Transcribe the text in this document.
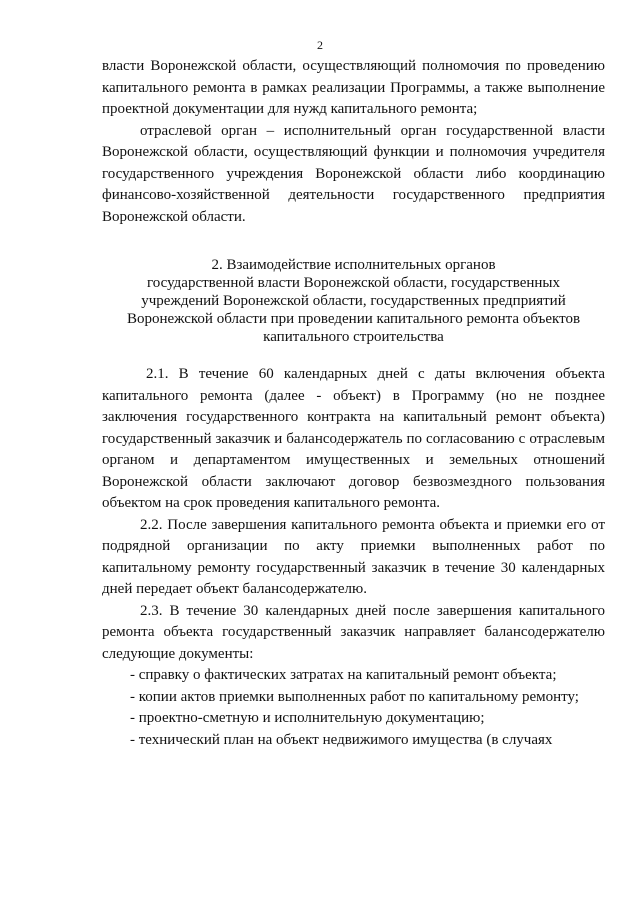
2

власти Воронежской области, осуществляющий полномочия по проведению капитального ремонта в рамках реализации Программы, а также выполнение проектной документации для нужд капитального ремонта;

отраслевой орган – исполнительный орган государственной власти Воронежской области, осуществляющий функции и полномочия учредителя государственного учреждения Воронежской области либо координацию финансово-хозяйственной деятельности государственного предприятия Воронежской области.

2. Взаимодействие исполнительных органов
государственной власти Воронежской области, государственных
учреждений Воронежской области, государственных предприятий
Воронежской области при проведении капитального ремонта объектов
капитального строительства

2.1. В течение 60 календарных дней с даты включения объекта капитального ремонта (далее - объект) в Программу (но не позднее заключения государственного контракта на капитальный ремонт объекта) государственный заказчик и балансодержатель по согласованию с отраслевым органом и департаментом имущественных и земельных отношений Воронежской области заключают договор безвозмездного пользования объектом на срок проведения капитального ремонта.

2.2. После завершения капитального ремонта объекта и приемки его от подрядной организации по акту приемки выполненных работ по капитальному ремонту государственный заказчик в течение 30 календарных дней передает объект балансодержателю.

2.3. В течение 30 календарных дней после завершения капитального ремонта объекта государственный заказчик направляет балансодержателю следующие документы:

- справку о фактических затратах на капитальный ремонт объекта;

- копии актов приемки выполненных работ по капитальному ремонту;

- проектно-сметную и исполнительную документацию;

- технический план на объект недвижимого имущества (в случаях
